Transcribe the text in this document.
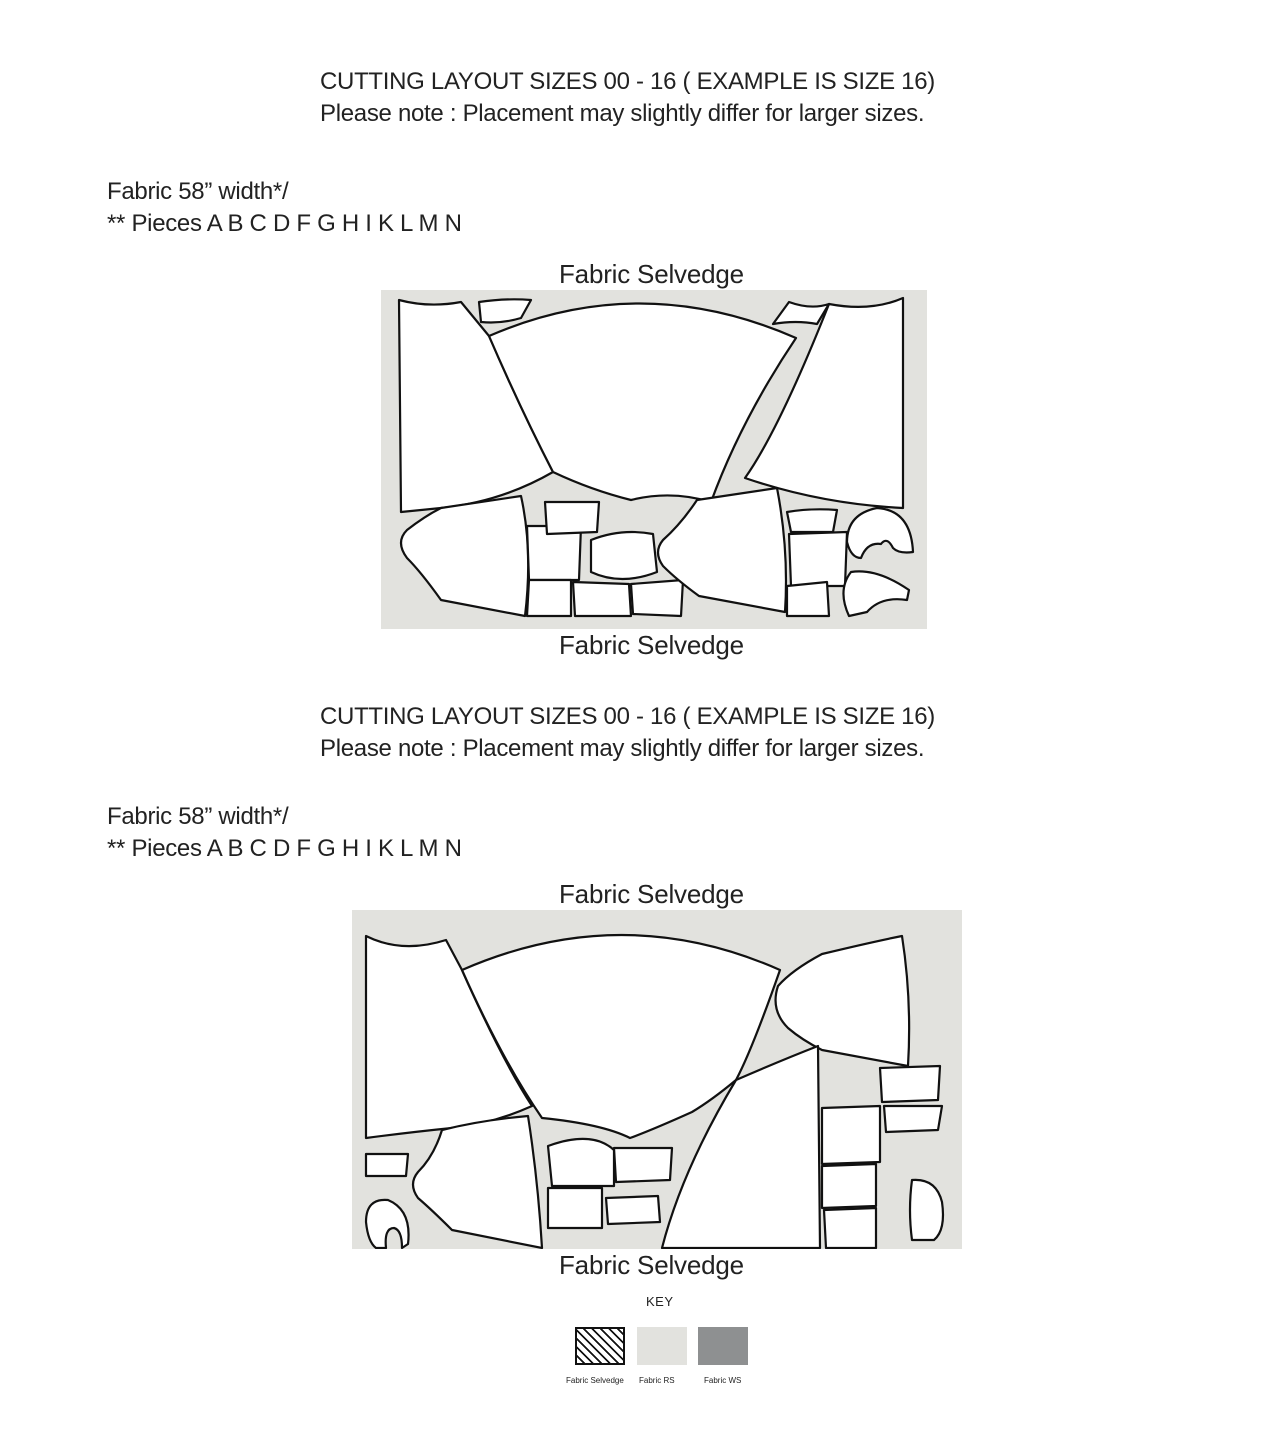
CUTTING LAYOUT SIZES 00 - 16 ( EXAMPLE IS SIZE 16)
Please note : Placement may slightly differ for larger sizes.
Fabric 58” width*/
** Pieces A B C D F G H I K L M N
Fabric Selvedge
Fabric Selvedge
CUTTING LAYOUT SIZES 00 - 16 ( EXAMPLE IS SIZE 16)
Please note : Placement may slightly differ for larger sizes.
Fabric 58” width*/
** Pieces A B C D F G H I K L M N
Fabric Selvedge
Fabric Selvedge
KEY
Fabric Selvedge Fabric RS	Fabric WS
